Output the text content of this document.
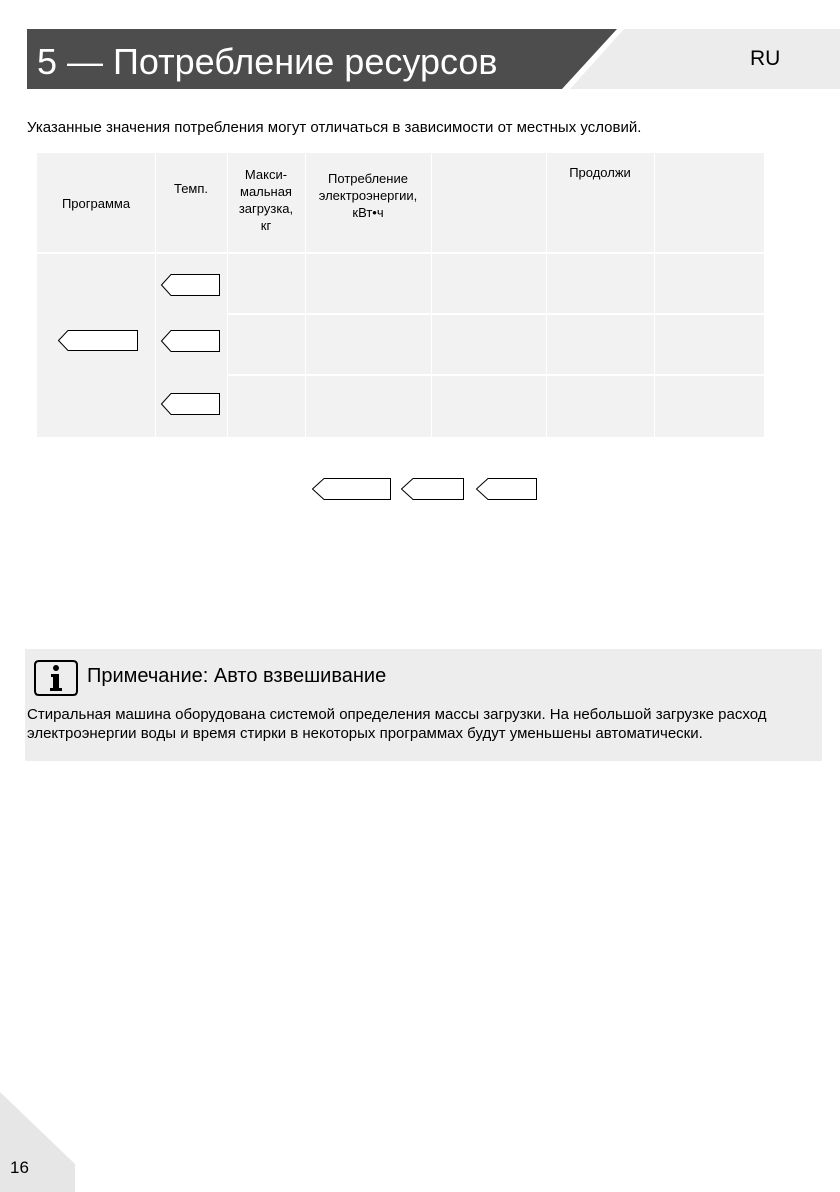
5 — Потребление ресурсов	RU
Указанные значения потребления могут отличаться в зависимости от местных условий.
Программа
Темп.
Макси-
мальная
загрузка,
кг
Потребление
электроэнергии,
кВт•ч
Продолжи
Примечание: Авто взвешивание
Стиральная машина оборудована системой определения массы загрузки. На небольшой загрузке расход электроэнергии воды и время стирки в некоторых программах будут уменьшены автоматически.
16
